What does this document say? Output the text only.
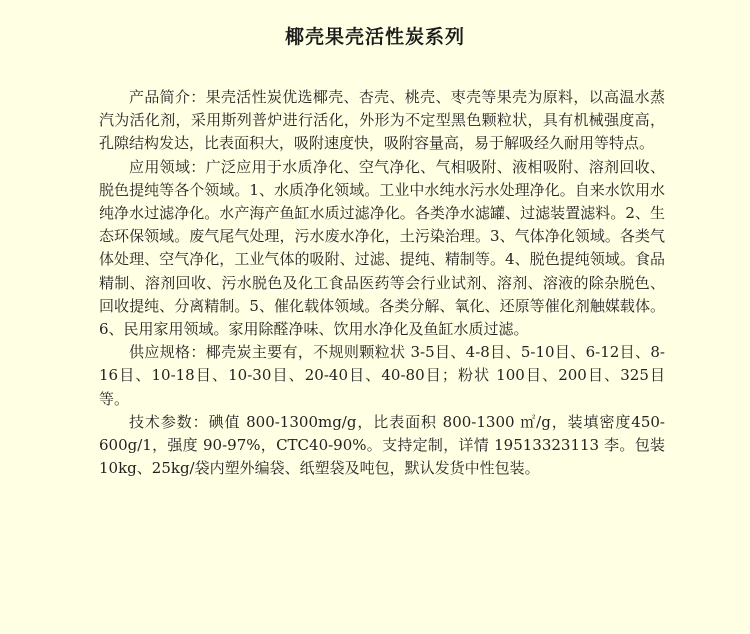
椰壳果壳活性炭系列

产品简介：果壳活性炭优选椰壳、杏壳、桃壳、枣壳等果壳为原料，以高温水蒸汽为活化剂，采用斯列普炉进行活化，外形为不定型黑色颗粒状，具有机械强度高，孔隙结构发达，比表面积大，吸附速度快，吸附容量高，易于解吸经久耐用等特点。

应用领域：广泛应用于水质净化、空气净化、气相吸附、液相吸附、溶剂回收、脱色提纯等各个领域。1、水质净化领域。工业中水纯水污水处理净化。自来水饮用水纯净水过滤净化。水产海产鱼缸水质过滤净化。各类净水滤罐、过滤装置滤料。2、生态环保领域。废气尾气处理，污水废水净化，土污染治理。3、气体净化领域。各类气体处理、空气净化，工业气体的吸附、过滤、提纯、精制等。4、脱色提纯领域。食品精制、溶剂回收、污水脱色及化工食品医药等会行业试剂、溶剂、溶液的除杂脱色、回收提纯、分离精制。5、催化载体领域。各类分解、氧化、还原等催化剂触媒载体。6、民用家用领域。家用除醛净味、饮用水净化及鱼缸水质过滤。

供应规格：椰壳炭主要有，不规则颗粒状 3-5目、4-8目、5-10目、6-12目、8-16目、10-18目、10-30目、20-40目、40-80目；粉状 100目、200目、325目等。

技术参数：碘值 800-1300mg/g，比表面积 800-1300 ㎡/g，装填密度450-600g/1，强度 90-97%，CTC40-90%。支持定制，详情 19513323113 李。包装 10kg、25kg/袋内塑外编袋、纸塑袋及吨包，默认发货中性包装。
